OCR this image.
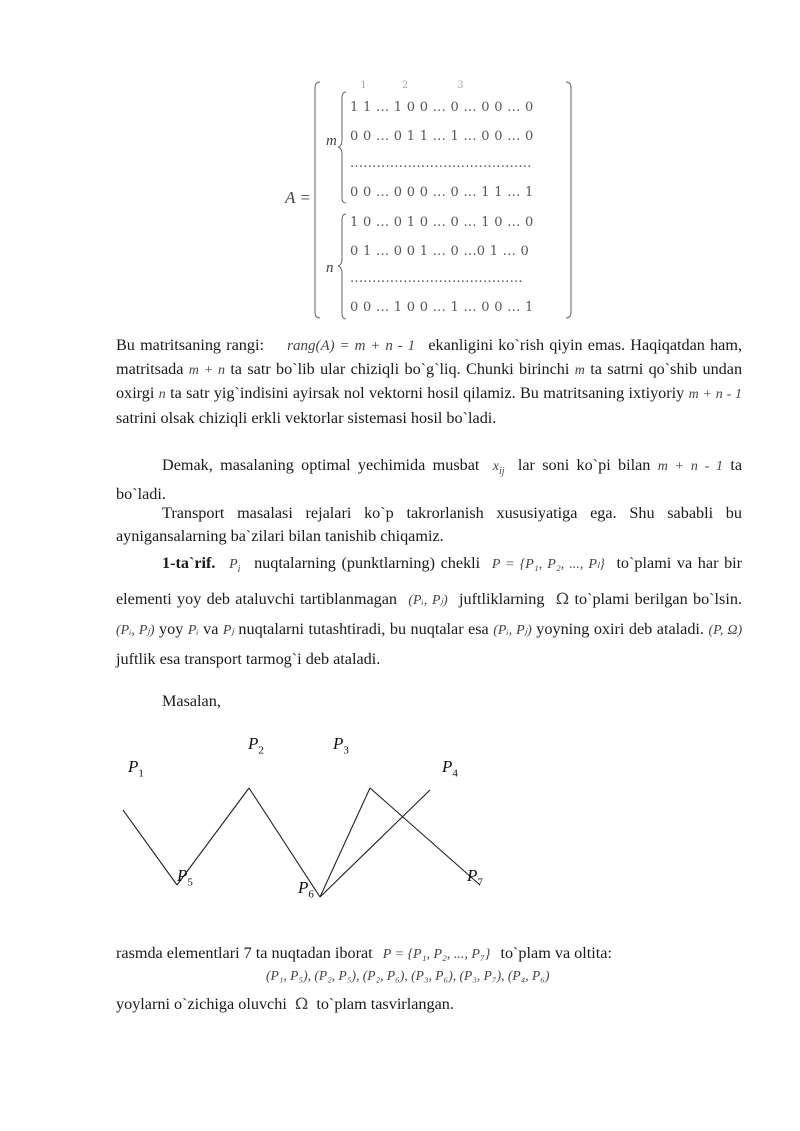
A =
m
n
1          2              3
1 1 ... 1 0 0 ... 0 ... 0 0 ... 0
0 0 ... 0 1 1 ... 1 ... 0 0 ... 0
.........................................
0 0 ... 0 0 0 ... 0 ... 1 1 ... 1
1 0 ... 0 1 0 ... 0 ... 1 0 ... 0
0 1 ... 0 0 1 ... 0 ...0 1 ... 0
.......................................
0 0 ... 1 0 0 ... 1 ... 0 0 ... 1
Bu matritsaning rangi: rang(A) = m + n - 1 ekanligini ko`rish qiyin emas. Haqiqatdan ham, matritsada m + n ta satr bo`lib ular chiziqli bo`g`liq. Chunki birinchi m ta satrni qo`shib undan oxirgi n ta satr yig`indisini ayirsak nol vektorni hosil qilamiz. Bu matritsaning ixtiyoriy m + n - 1 satrini olsak chiziqli erkli vektorlar sistemasi hosil bo`ladi.
Demak, masalaning optimal yechimida musbat $x_{ij}$ lar soni ko`pi bilan m + n - 1 ta bo`ladi.
Transport masalasi rejalari ko`p takrorlanish xususiyatiga ega. Shu sababli bu aynigansalarning ba`zilari bilan tanishib chiqamiz.
1-ta`rif. $P_i$ nuqtalarning (punktlarning) chekli P = {P₁, P₂, ..., Pₗ} to`plami va har bir elementi yoy deb ataluvchi tartiblanmagan (Pᵢ, Pⱼ) juftliklarning Ω to`plami berilgan bo`lsin. (Pᵢ, Pⱼ) yoy Pᵢ va Pⱼ nuqtalarni tutashtiradi, bu nuqtalar esa (Pᵢ, Pⱼ) yoyning oxiri deb ataladi. (P, Ω) juftlik esa transport tarmog`i deb ataladi.
Masalan,
$P_1$
$P_2$	$P_3$
$P_4$
$P_5$	$P_6$
$P_7$
rasmda elementlari 7 ta nuqtadan iborat P = {P₁, P₂, ..., P₇} to`plam va oltita:
(P₁, P₅), (P₂, P₅), (P₂, P₆), (P₃, P₆), (P₃, P₇), (P₄, P₆)
yoylarni o`zichiga oluvchi Ω to`plam tasvirlangan.
